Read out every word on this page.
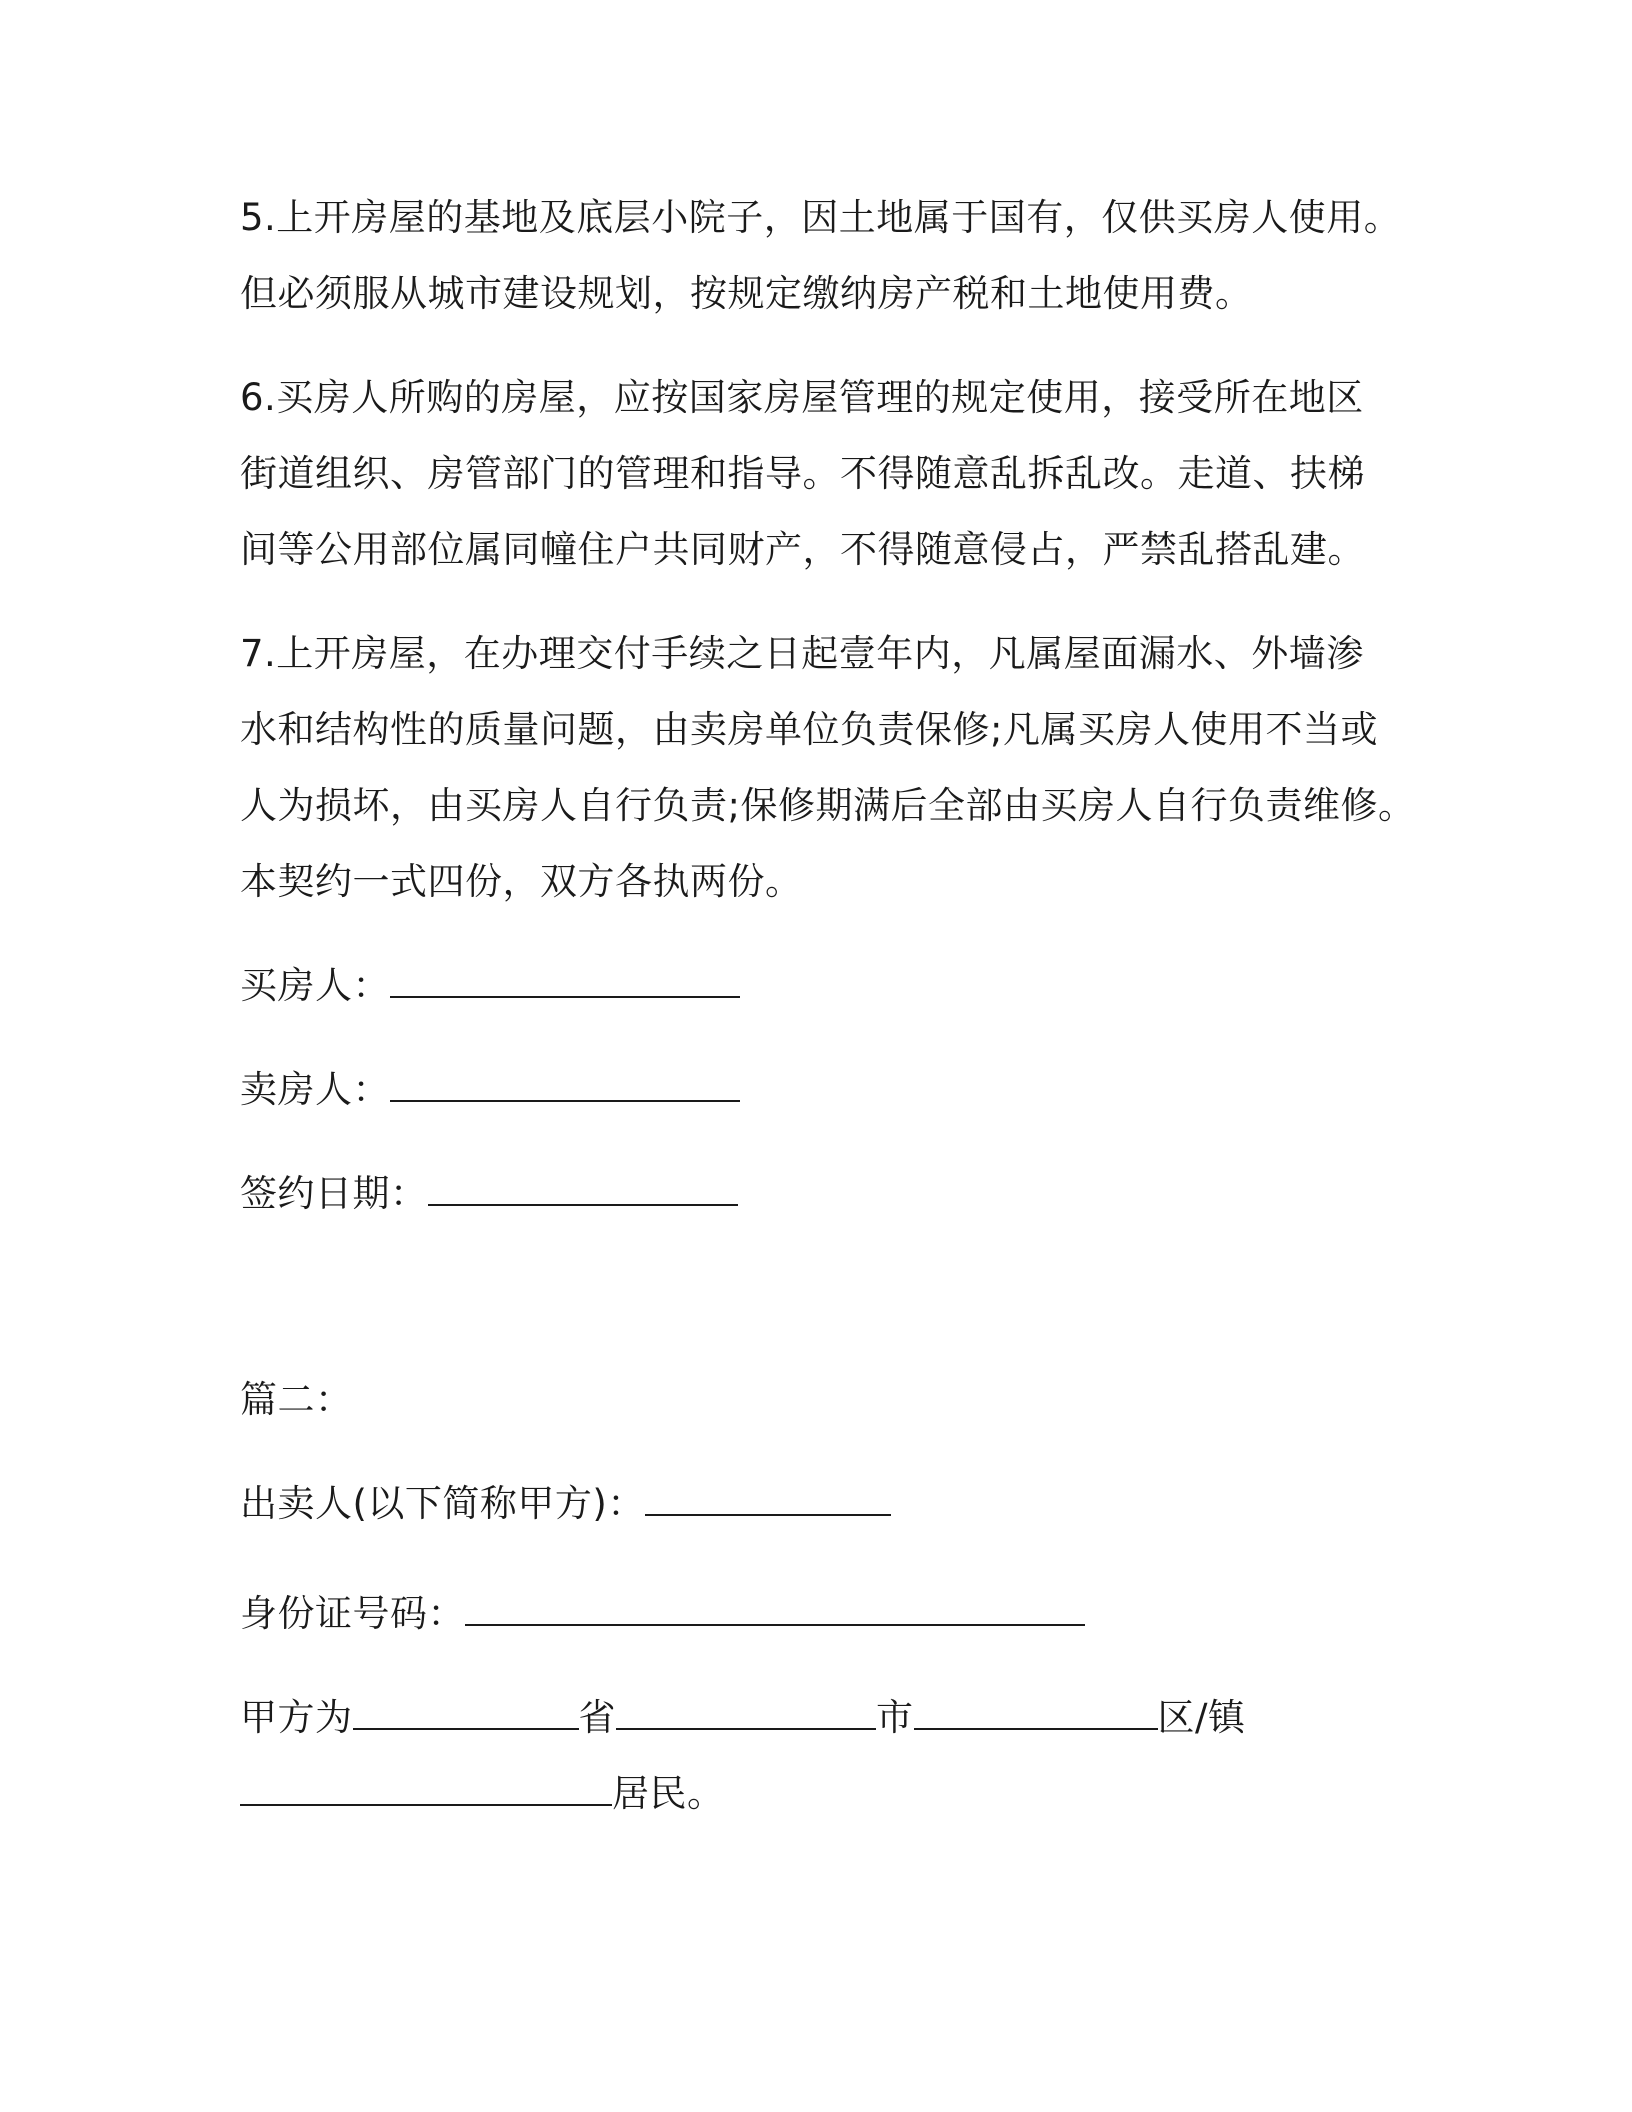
5.上开房屋的基地及底层小院子，因土地属于国有，仅供买房人使用。
但必须服从城市建设规划，按规定缴纳房产税和土地使用费。
6.买房人所购的房屋，应按国家房屋管理的规定使用，接受所在地区
街道组织、房管部门的管理和指导。不得随意乱拆乱改。走道、扶梯
间等公用部位属同幢住户共同财产，不得随意侵占，严禁乱搭乱建。
7.上开房屋，在办理交付手续之日起壹年内，凡属屋面漏水、外墙渗
水和结构性的质量问题，由卖房单位负责保修;凡属买房人使用不当或
人为损坏，由买房人自行负责;保修期满后全部由买房人自行负责维修。
本契约一式四份，双方各执两份。
买房人：
卖房人：
签约日期：
篇二：
出卖人(以下简称甲方)：
身份证号码：
甲方为	省	市	区/镇
居民。
